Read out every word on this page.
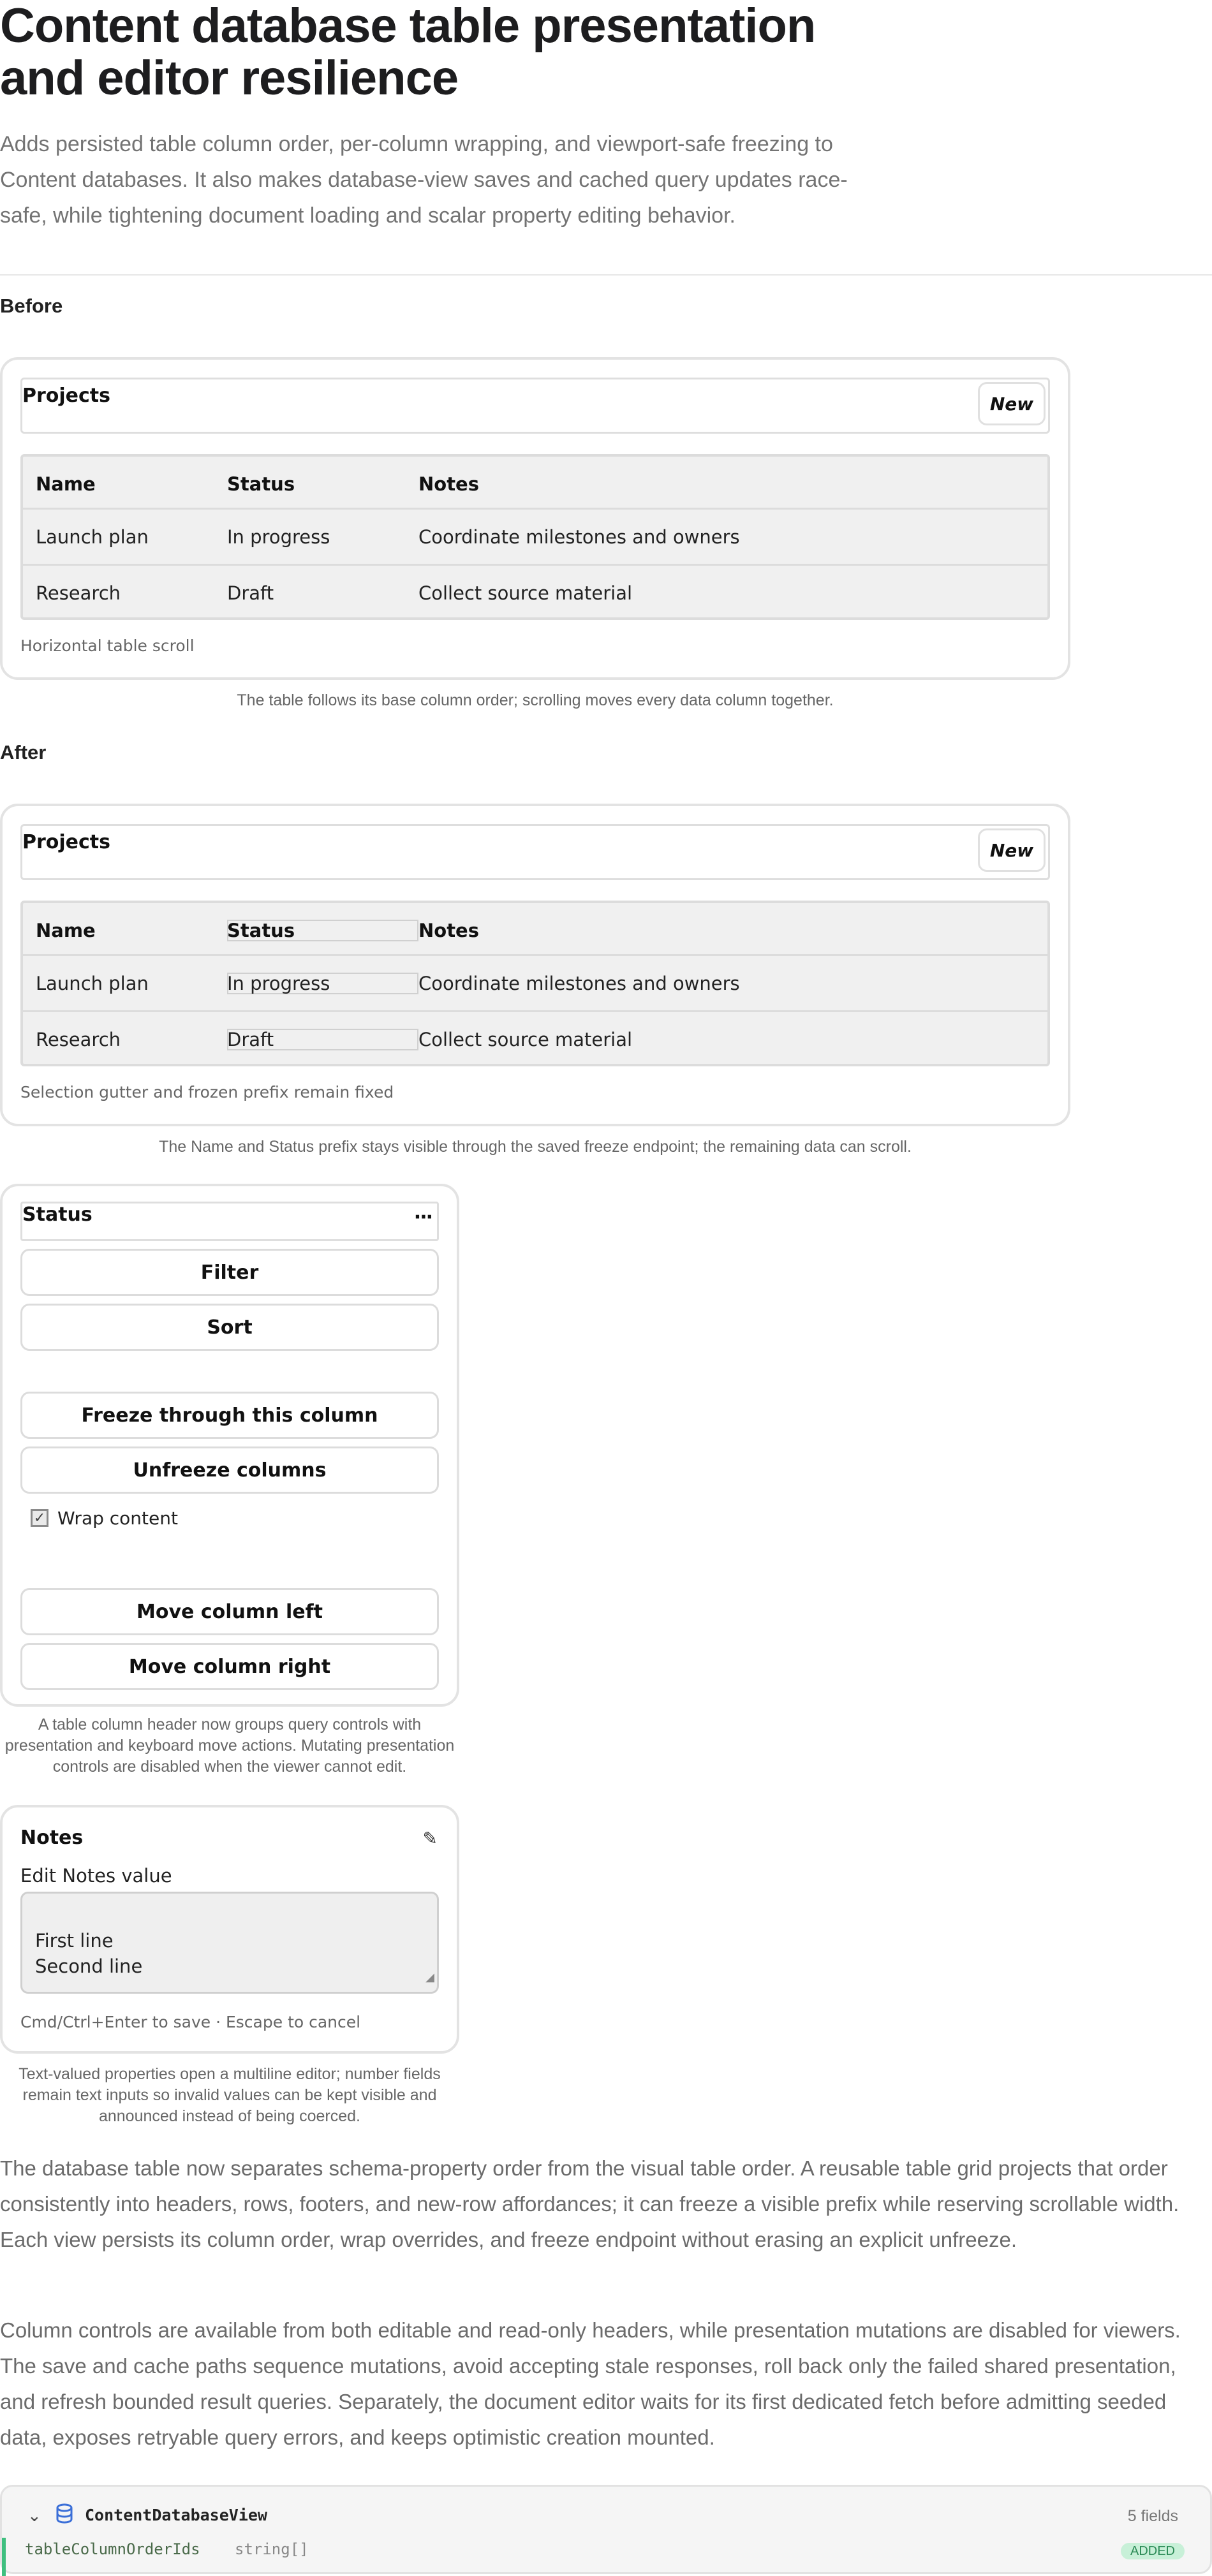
Content database table presentation and editor resilience

Adds persisted table column order, per-column wrapping, and viewport-safe freezing to Content databases. It also makes database-view saves and cached query updates race-safe, while tightening document loading and scalar property editing behavior.

Before
Projects	New
Name	Status	Notes
Launch plan	In progress	Coordinate milestones and owners
Research	Draft	Collect source material
Horizontal table scroll
The table follows its base column order; scrolling moves every data column together.
After
Projects	New
Name	Status	Notes
Launch plan	In progress	Coordinate milestones and owners
Research	Draft	Collect source material
Selection gutter and frozen prefix remain fixed
The Name and Status prefix stays visible through the saved freeze endpoint; the remaining data can scroll.
Status	···
Filter
Sort
Freeze through this column
Unfreeze columns
Move column left
Move column right
✓ Wrap content
A table column header now groups query controls with presentation and keyboard move actions. Mutating presentation controls are disabled when the viewer cannot edit.
Notes	✎
Edit Notes value

First line
Second line

◢

Cmd/Ctrl+Enter to save · Escape to cancel
Text-valued properties open a multiline editor; number fields remain text inputs so invalid values can be kept visible and announced instead of being coerced.

The database table now separates schema-property order from the visual table order. A reusable table grid projects that order consistently into headers, rows, footers, and new-row affordances; it can freeze a visible prefix while reserving scrollable width. Each view persists its column order, wrap overrides, and freeze endpoint without erasing an explicit unfreeze.

Column controls are available from both editable and read-only headers, while presentation mutations are disabled for viewers. The save and cache paths sequence mutations, avoid accepting stale responses, roll back only the failed shared presentation, and refresh bounded result queries. Separately, the document editor waits for its first dedicated fetch before admitting seeded data, exposes retryable query errors, and keeps optimistic creation mounted.

⌄	ContentDatabaseView	5 fields
tableColumnOrderIds string[]	ADDED
